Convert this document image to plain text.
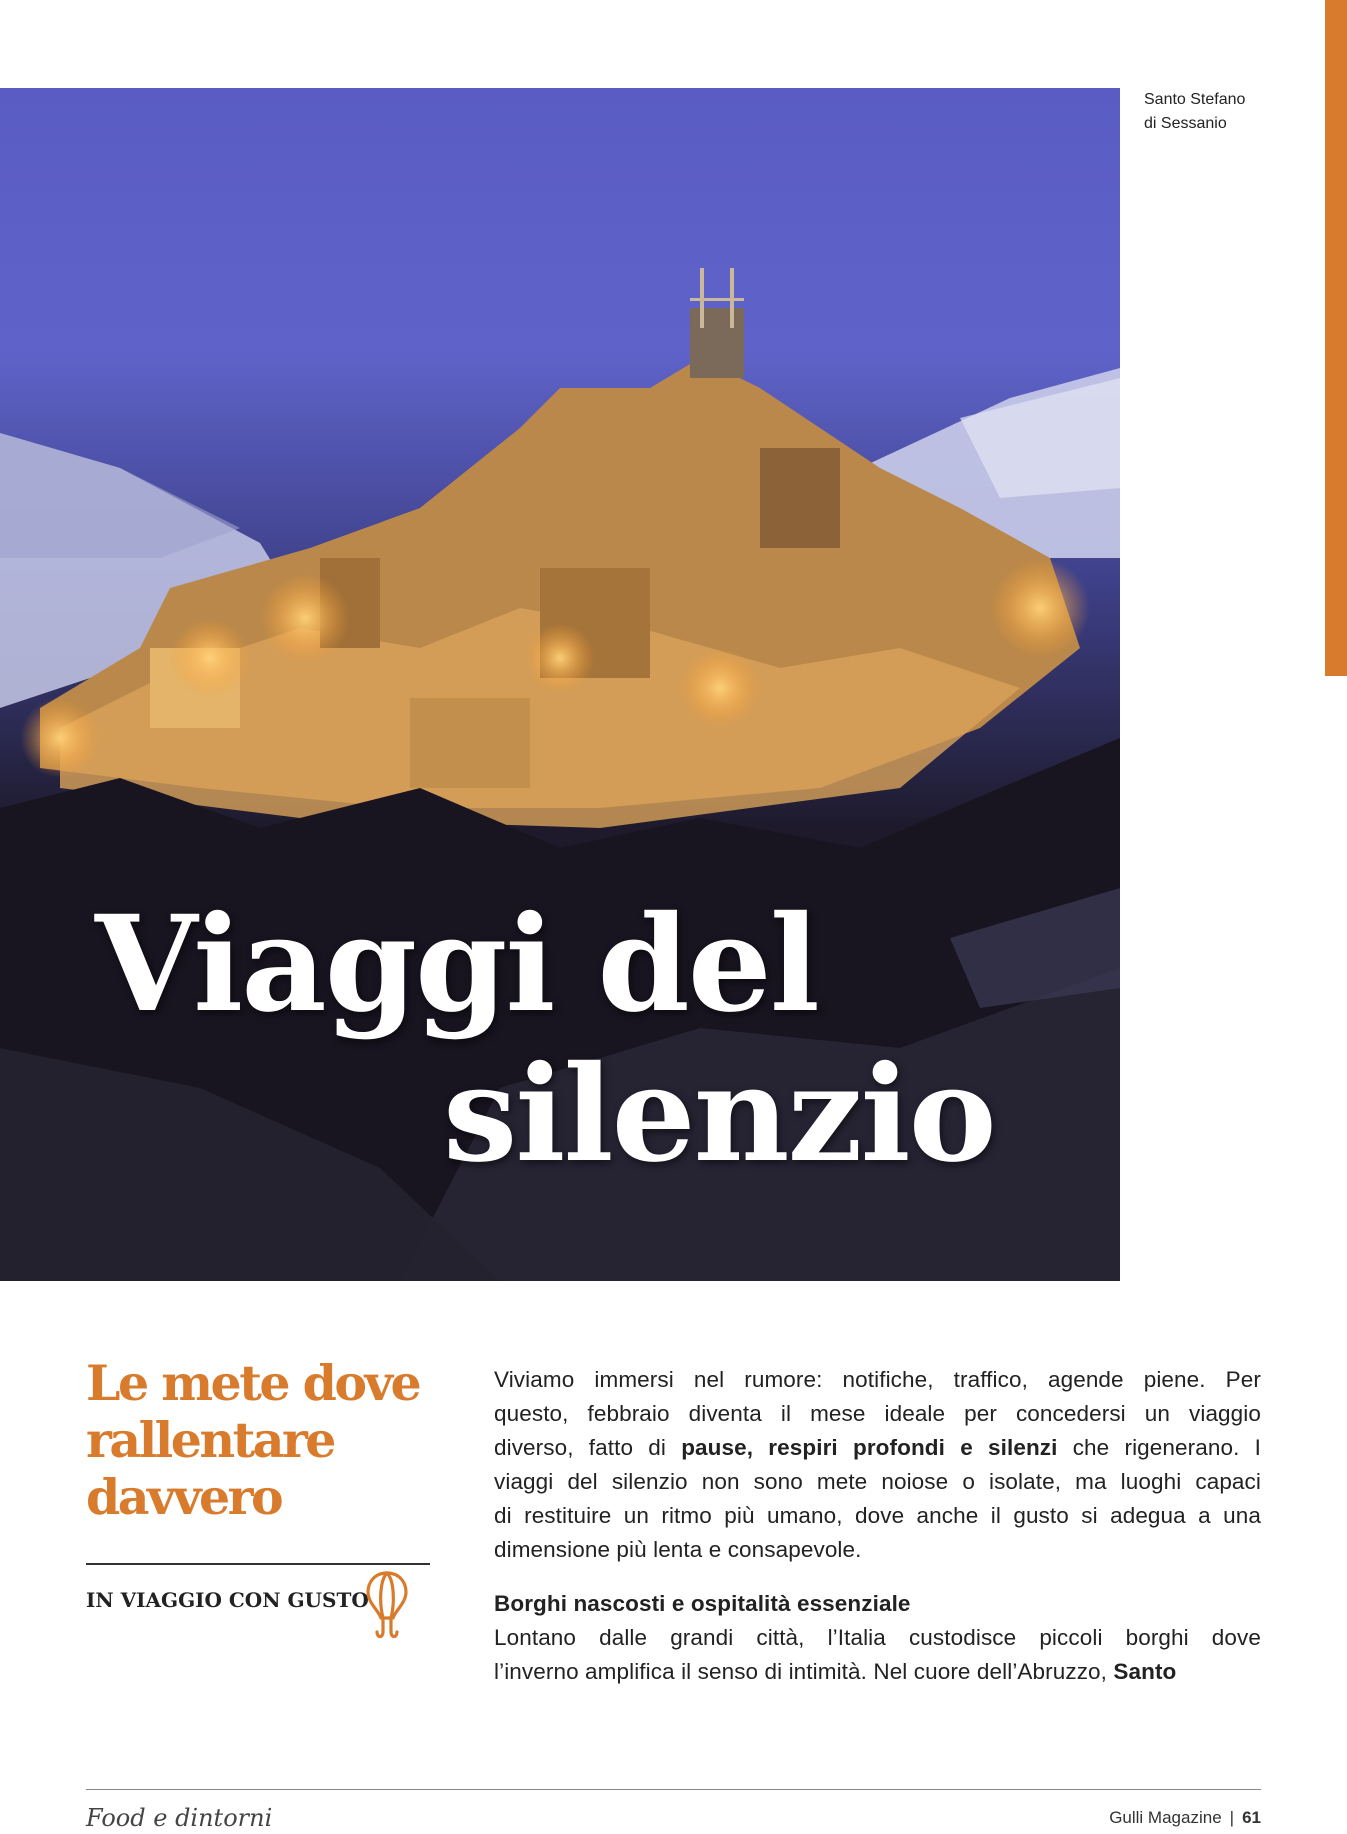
Santo Stefano
di Sessanio
Viaggi del
silenzio
Le mete dove
rallentare
davvero
IN VIAGGIO CON GUSTO
Viviamo immersi nel rumore: notifiche, traffico, agende piene. Per
questo, febbraio diventa il mese ideale per concedersi un viaggio
diverso, fatto di pause, respiri profondi e silenzi che rigenerano. I
viaggi del silenzio non sono mete noiose o isolate, ma luoghi capaci
di restituire un ritmo più umano, dove anche il gusto si adegua a una
dimensione più lenta e consapevole.
Borghi nascosti e ospitalità essenziale
Lontano dalle grandi città, l’Italia custodisce piccoli borghi dove
l’inverno amplifica il senso di intimità. Nel cuore dell’Abruzzo, Santo
Food e dintorni	Gulli Magazine | 61
